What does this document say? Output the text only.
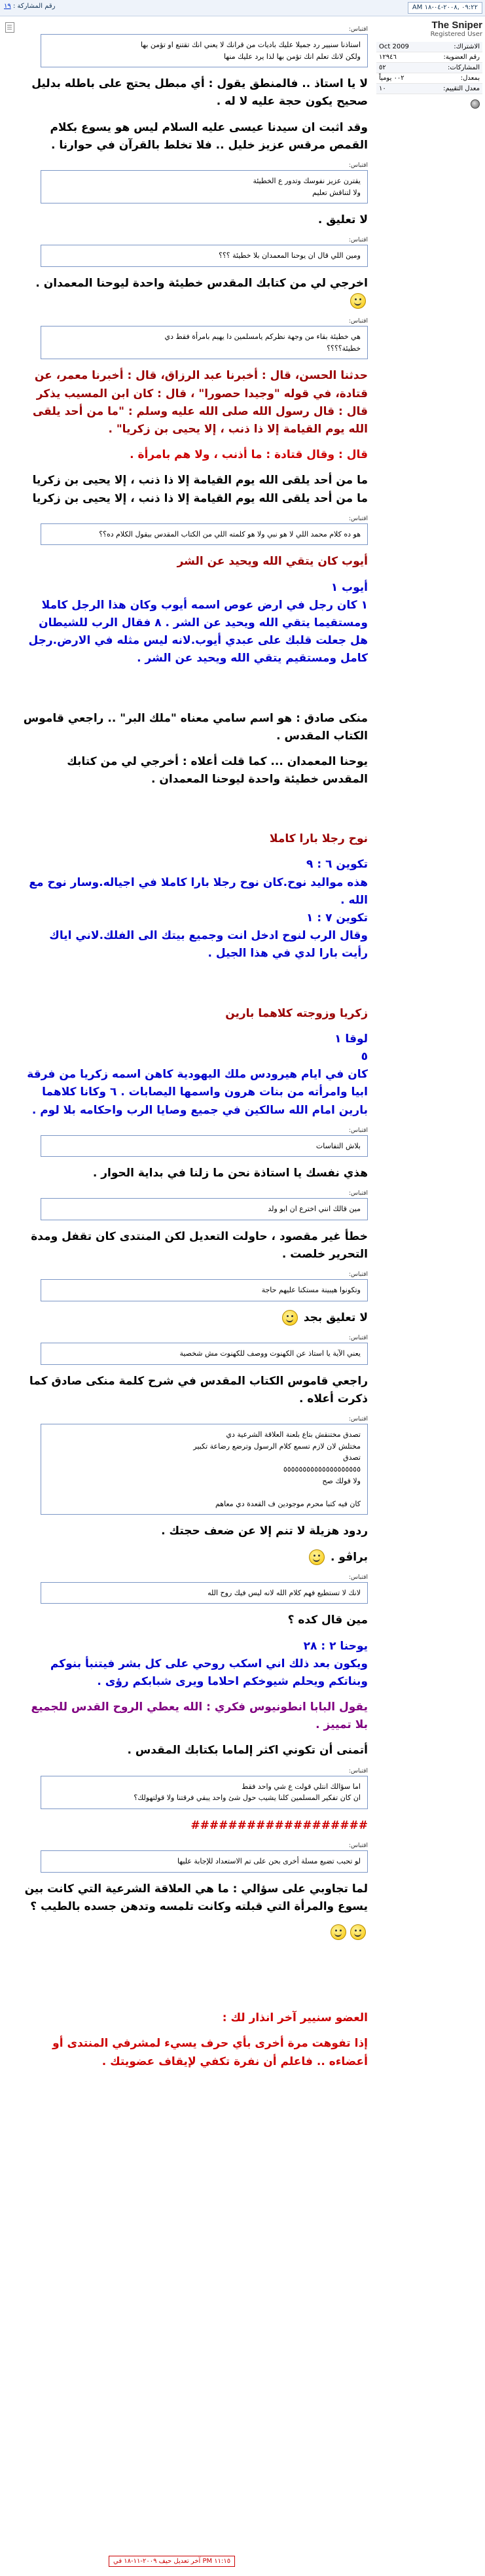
رقم المشاركة : ١٩	AM ٠٩:٢٢ ,٢٠٠٨-٠٤-١٨
The Sniper
Registered User
الاشتراك:
Oct 2009
رقم العضوية:
١٢٩٤٦
المشاركات:
٥٢
بمعدل:
٠٠٢ يومياً
معدل التقييم:
١٠
اقتباس:
استاذنا سنيير رد جميلا عليك باديات من قرانك لا يعني انك تقتنع او تؤمن بها
ولكن لانك تعلم انك تؤمن بها لذا يرد عليك منها
لا يا استاذ .. فالمنطق يقول : أي مبطل يحتج على باطله بدليل صحيح يكون حجة عليه لا له .
وقد اثبت ان سيدنا عيسى عليه السلام ليس هو يسوع بكلام القمص مرقس عزيز خليل .. فلا تخلط بالقرآن في حوارنا .
اقتباس:
يقترن عزيز نفوسك وتدور ع الخطيئة
ولا لتناقش تعليم
لا تعليق .
اقتباس:
ومين اللي قال ان يوحنا المعمدان بلا خطيئة ؟؟؟
اخرجي لي من كتابك المقدس خطيئة واحدة ليوحنا المعمدان .
اقتباس:
هي خطيئة بقاء من وجهة نظركم يامسلمين دا يهيم بامرأة فقط دي
خطيئة؟؟؟؟
حدثنا الحسن، قال : أخبرنا عبد الرزاق، قال : أخبرنا معمر، عن قتادة، في قوله "وجيدا حصورا" ، قال : كان ابن المسيب يذكر قال : قال رسول الله صلى الله عليه وسلم : "ما من أحد يلقى الله يوم القيامة إلا ذا ذنب ، إلا يحيى بن زكريا" .
قال : وقال قتادة : ما أذنب ، ولا هم بامرأة .
ما من أحد يلقى الله يوم القيامة إلا ذا ذنب ، إلا يحيى بن زكريا
ما من أحد يلقى الله يوم القيامة إلا ذا ذنب ، إلا يحيى بن زكريا
اقتباس:
هو ده كلام محمد اللي لا هو نبي ولا هو كلمته اللي من الكتاب المقدس بيقول الكلام ده؟؟
أيوب كان يتقي الله ويحيد عن الشر
أيوب ١
١ كان رجل في ارض عوص اسمه أيوب وكان هذا الرجل كاملا ومستقيما يتقي الله ويحيد عن الشر . ٨ فقال الرب للشيطان هل جعلت قلبك على عبدي أيوب.لانه ليس مثله في الارض.رجل كامل ومستقيم يتقي الله ويحيد عن الشر .
منكى صادق : هو اسم سامي معناه "ملك البر" .. راجعي قاموس الكتاب المقدس .
يوحنا المعمدان ... كما قلت أعلاه : أخرجي لي من كتابك المقدس خطيئة واحدة ليوحنا المعمدان .
نوح رجلا بارا كاملا
تكوين ٦ : ٩
هذه مواليد نوح.كان نوح رجلا بارا كاملا في اجياله.وسار نوح مع الله .
تكوين ٧ : ١
وقال الرب لنوح ادخل انت وجميع بيتك الى الفلك.لاني اياك رأيت بارا لدي في هذا الجيل .
زكريا وزوجته كلاهما بارين
لوقا ١
٥
كان في ايام هيرودس ملك اليهودية كاهن اسمه زكريا من فرقة ابيا وامرأته من بنات هرون واسمها اليصابات . ٦ وكانا كلاهما بارين امام الله سالكين في جميع وصايا الرب واحكامه بلا لوم .
اقتباس:
بلاش التفاسات
هذي نفسك يا استاذة نحن ما زلنا في بداية الحوار .
اقتباس:
مين قالك انني اخترع ان ابو ولد
خطأ غير مقصود ، حاولت التعديل لكن المنتدى كان تقفل ومدة التحرير خلصت .
اقتباس:
وتكونوا هيبينة مستكنا عليهم حاجة
لا تعليق بجد
اقتباس:
يعني الآية يا استاذ عن الكهنوت ووصف للكهنوت مش شخصية
راجعي قاموس الكتاب المقدس في شرح كلمة منكى صادق كما ذكرت أعلاه .
اقتباس:
تصدق مختنقش بتاع بلعنة العلاقة الشرعية دي
مختلش لان لازم تسمع كلام الرسول وترضع رضاعة تكبير
تصدق
٥٥٥٥٥٥٥٥٥٥٥٥٥٥٥٥٥٥٥٥
ولا قولك صح

كان فيه كتبا محرم موجودين ف القعدة دي معاهم
ردود هزيلة لا تنم إلا عن ضعف حجتك .
براڤو .
اقتباس:
لانك لا تستطيع فهم كلام الله لانه ليس فيك روح الله
مين قال كده ؟
يوحنا ٢ : ٢٨
ويكون بعد ذلك اني اسكب روحي على كل بشر فيتنبأ بنوكم وبناتكم ويحلم شيوخكم احلاما ويرى شبابكم رؤى .
يقول البابا انطونيوس فكري : الله يعطي الروح القدس للجميع بلا تمييز .
أتمنى أن تكوني اكثر إلماما بكتابك المقدس .
اقتباس:
اما سؤالك انتلي قولت ع شي واحد فقط
ان كان تفكير المسلمين كلنا يشيب حول شئ واحد يبقي فرقتنا ولا قولتهولك؟
###################
اقتباس:
لو تحبب تضيع مسلة أخرى بحن على تم الاستعداد للإجابة عليها
لما تجاوبي على سؤالي : ما هي العلاقة الشرعية التي كانت بين يسوع والمرأة التي قبلته وكانت تلمسه وتدهن جسده بالطيب ؟
العضو سنيير آخر انذار لك :
إذا تفوهت مرة أخرى بأي حرف يسيء لمشرفي المنتدى أو أعضاءه .. فاعلم أن نفرة تكفي لإيقاف عضويتك .
آخر تعديل حيف ٢٠٠٩-١١-١٨ في PM ١١:١٥
